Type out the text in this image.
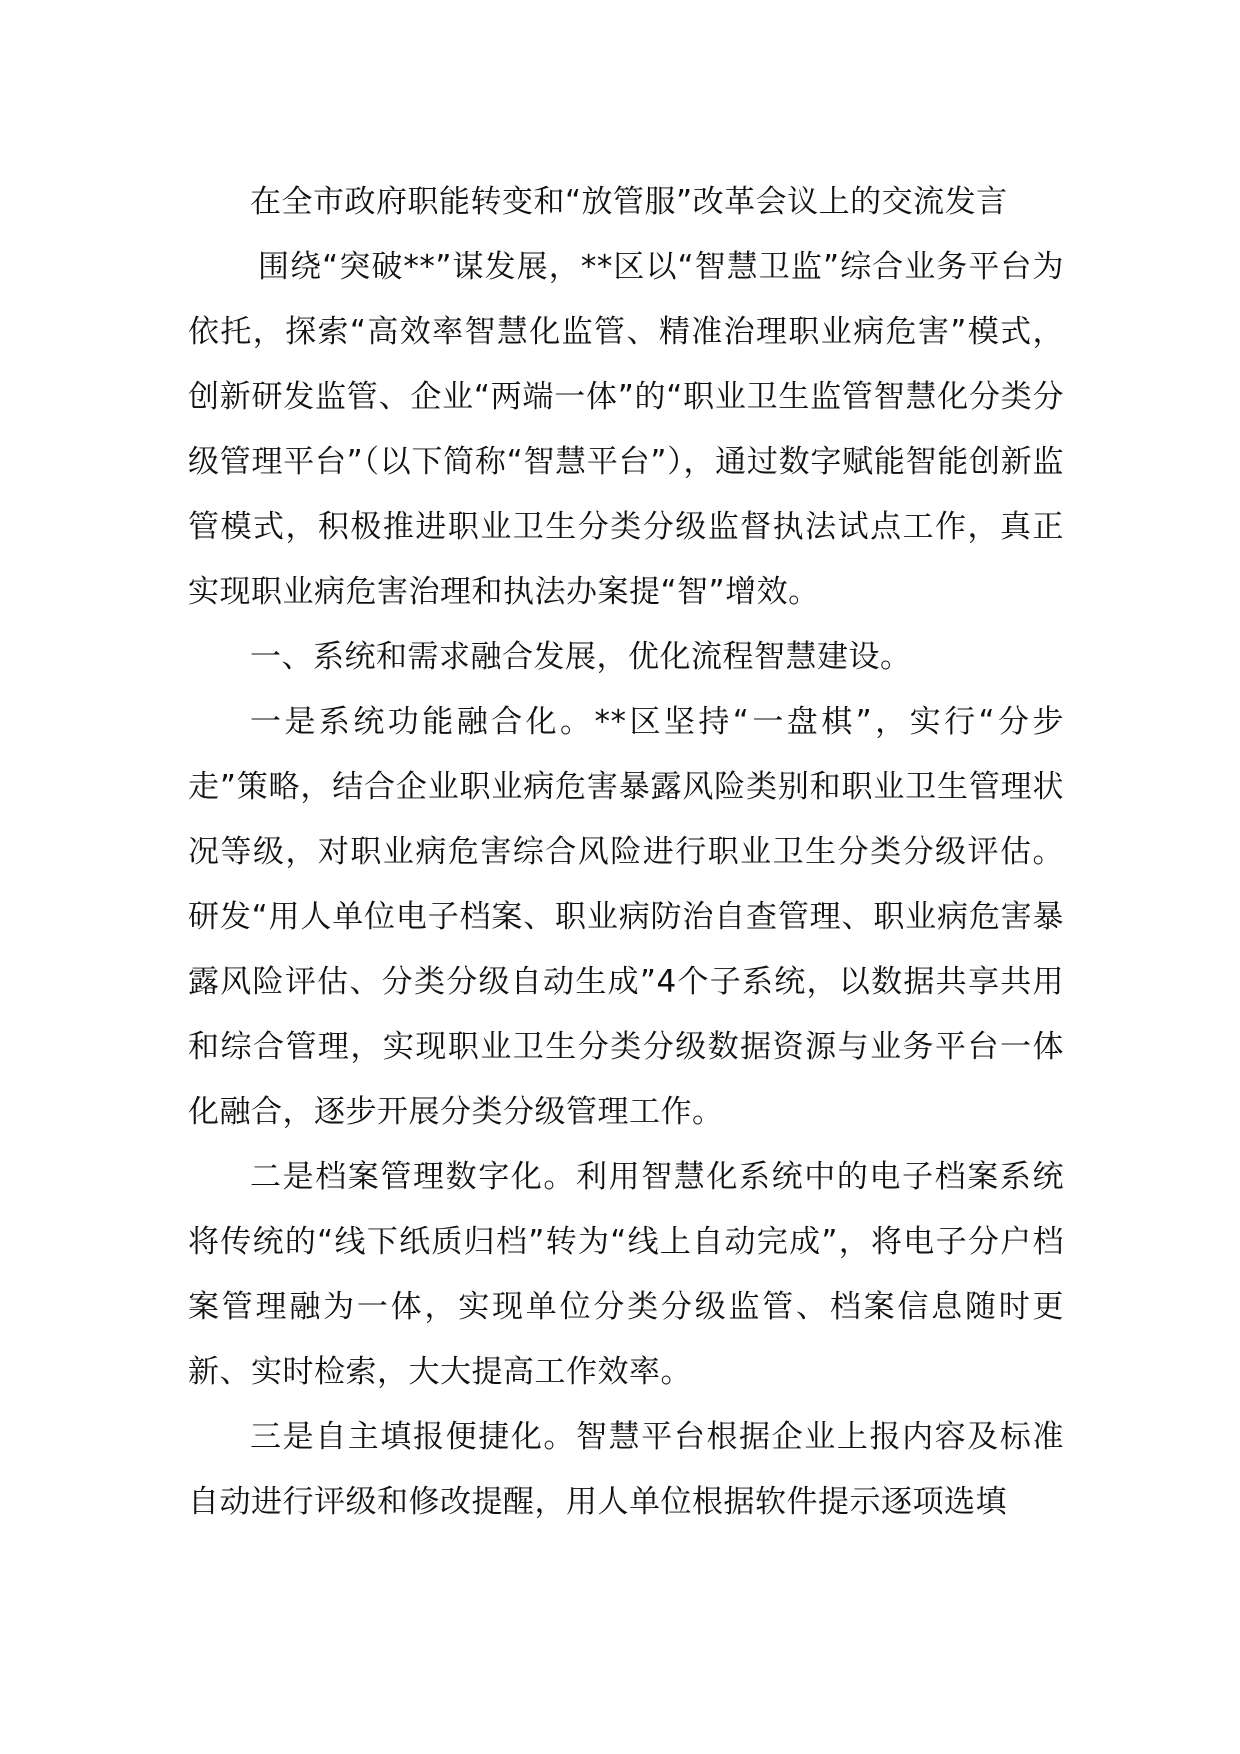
在全市政府职能转变和“放管服”改革会议上的交流发言

围绕“突破**”谋发展，**区以“智慧卫监”综合业务平台为依托，探索“高效率智慧化监管、精准治理职业病危害”模式，创新研发监管、企业“两端一体”的“职业卫生监管智慧化分类分级管理平台”（以下简称“智慧平台”），通过数字赋能智能创新监管模式，积极推进职业卫生分类分级监督执法试点工作，真正实现职业病危害治理和执法办案提“智”增效。

一、系统和需求融合发展，优化流程智慧建设。

一是系统功能融合化。**区坚持“一盘棋”，实行“分步走”策略，结合企业职业病危害暴露风险类别和职业卫生管理状况等级，对职业病危害综合风险进行职业卫生分类分级评估。研发“用人单位电子档案、职业病防治自查管理、职业病危害暴露风险评估、分类分级自动生成”4个子系统，以数据共享共用和综合管理，实现职业卫生分类分级数据资源与业务平台一体化融合，逐步开展分类分级管理工作。

二是档案管理数字化。利用智慧化系统中的电子档案系统将传统的“线下纸质归档”转为“线上自动完成”，将电子分户档案管理融为一体，实现单位分类分级监管、档案信息随时更新、实时检索，大大提高工作效率。

三是自主填报便捷化。智慧平台根据企业上报内容及标准自动进行评级和修改提醒，用人单位根据软件提示逐项选填
